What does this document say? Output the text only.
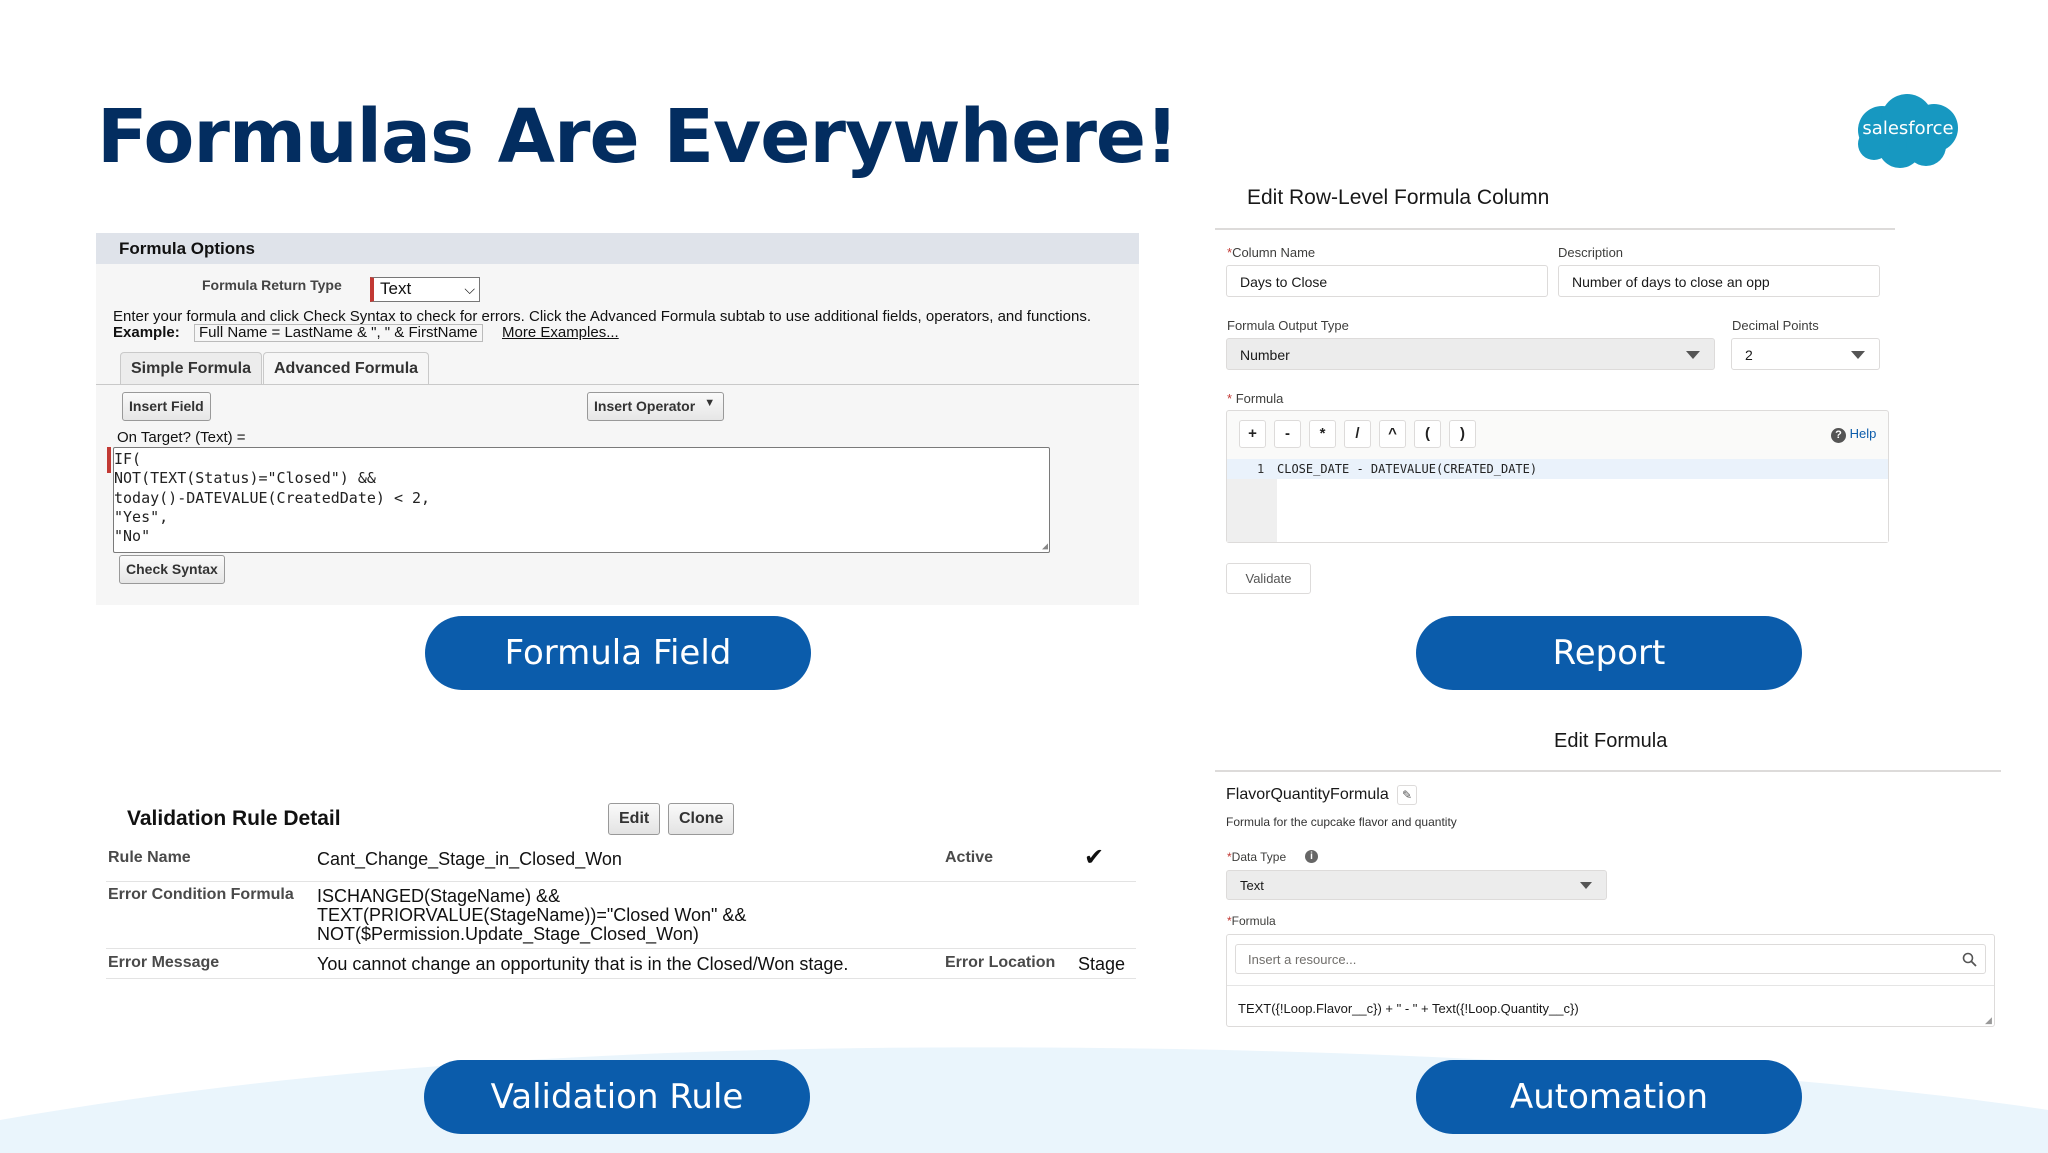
Formulas Are Everywhere!	salesforce
Formula Options
Formula Return Type	Text	⌵
Enter your formula and click Check Syntax to check for errors. Click the Advanced Formula subtab to use additional fields, operators, and functions.
Example:	Full Name = LastName & ", " & FirstName	More Examples...
Simple Formula	Advanced Formula
Insert Field	Insert Operator ▼
On Target? (Text) =
IF(
NOT(TEXT(Status)="Closed") &&
today()-DATEVALUE(CreatedDate) < 2,
"Yes",
"No"
◢
Check Syntax
Formula Field
Edit Row-Level Formula Column
*Column Name
Days to Close
Description
Number of days to close an opp
Formula Output Type
Number
Decimal Points
2
* Formula
+	-	*	/	^	(	)	? Help
1 CLOSE_DATE - DATEVALUE(CREATED_DATE)
Validate
Report
Validation Rule Detail	Edit	Clone
Rule Name	Cant_Change_Stage_in_Closed_Won	Active	✔
Error Condition Formula ISCHANGED(StageName) &&
TEXT(PRIORVALUE(StageName))="Closed Won" &&
NOT($Permission.Update_Stage_Closed_Won)
Error Message	You cannot change an opportunity that is in the Closed/Won stage.	Error Location Stage
Validation Rule
Edit Formula
FlavorQuantityFormula	✎
Formula for the cupcake flavor and quantity
*Data Type	i
Text
*Formula
Insert a resource...
TEXT({!Loop.Flavor__c}) + " - " + Text({!Loop.Quantity__c})
◢
Automation
